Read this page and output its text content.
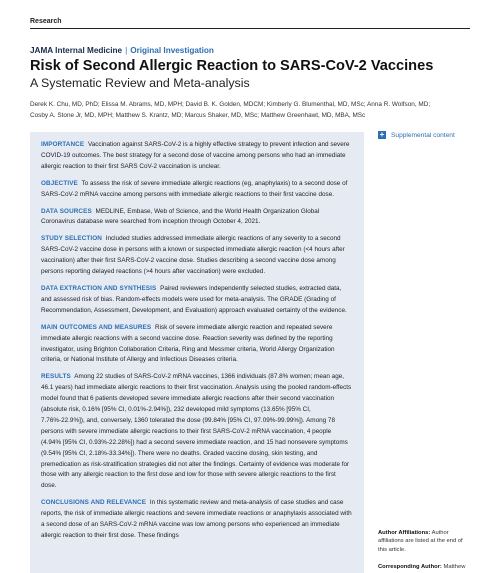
Research
JAMA Internal Medicine | Original Investigation
Risk of Second Allergic Reaction to SARS-CoV-2 Vaccines
A Systematic Review and Meta-analysis
Derek K. Chu, MD, PhD; Elissa M. Abrams, MD, MPH; David B. K. Golden, MDCM; Kimberly G. Blumenthal, MD, MSc; Anna R. Wolfson, MD;
Cosby A. Stone Jr, MD, MPH; Matthew S. Krantz, MD; Marcus Shaker, MD, MSc; Matthew Greenhawt, MD, MBA, MSc

IMPORTANCE Vaccination against SARS-CoV-2 is a highly effective strategy to prevent infection and severe COVID-19 outcomes. The best strategy for a second dose of vaccine among persons who had an immediate allergic reaction to their first SARS CoV-2 vaccination is unclear.

OBJECTIVE To assess the risk of severe immediate allergic reactions (eg, anaphylaxis) to a second dose of SARS-CoV-2 mRNA vaccine among persons with immediate allergic reactions to their first vaccine dose.

DATA SOURCES MEDLINE, Embase, Web of Science, and the World Health Organization Global Coronavirus database were searched from inception through October 4, 2021.

STUDY SELECTION Included studies addressed immediate allergic reactions of any severity to a second SARS-CoV-2 vaccine dose in persons with a known or suspected immediate allergic reaction (<4 hours after vaccination) after their first SARS-CoV-2 vaccine dose. Studies describing a second vaccine dose among persons reporting delayed reactions (>4 hours after vaccination) were excluded.

DATA EXTRACTION AND SYNTHESIS Paired reviewers independently selected studies, extracted data, and assessed risk of bias. Random-effects models were used for meta-analysis. The GRADE (Grading of Recommendation, Assessment, Development, and Evaluation) approach evaluated certainty of the evidence.

MAIN OUTCOMES AND MEASURES Risk of severe immediate allergic reaction and repeated severe immediate allergic reactions with a second vaccine dose. Reaction severity was defined by the reporting investigator, using Brighton Collaboration Criteria, Ring and Messmer criteria, World Allergy Organization criteria, or National Institute of Allergy and Infectious Diseases criteria.

RESULTS Among 22 studies of SARS-CoV-2 mRNA vaccines, 1366 individuals (87.8% women; mean age, 46.1 years) had immediate allergic reactions to their first vaccination. Analysis using the pooled random-effects model found that 6 patients developed severe immediate allergic reactions after their second vaccination (absolute risk, 0.16% [95% CI, 0.01%-2.94%]), 232 developed mild symptoms (13.65% [95% CI, 7.76%-22.9%]), and, conversely, 1360 tolerated the dose (99.84% [95% CI, 97.09%-99.99%]). Among 78 persons with severe immediate allergic reactions to their first SARS-CoV-2 mRNA vaccination, 4 people (4.94% [95% CI, 0.93%-22.28%]) had a second severe immediate reaction, and 15 had nonsevere symptoms (9.54% [95% CI, 2.18%-33.34%]). There were no deaths. Graded vaccine dosing, skin testing, and premedication as risk-stratification strategies did not alter the findings. Certainty of evidence was moderate for those with any allergic reaction to the first dose and low for those with severe allergic reactions to the first dose.

CONCLUSIONS AND RELEVANCE In this systematic review and meta-analysis of case studies and case reports, the risk of immediate allergic reactions and severe immediate reactions or anaphylaxis associated with a second dose of an SARS-CoV-2 mRNA vaccine was low among persons who experienced an immediate allergic reaction to their first dose. These findings

+ Supplemental content
Author Affiliations: Author affiliations are listed at the end of this article.
Corresponding Author: Matthew
